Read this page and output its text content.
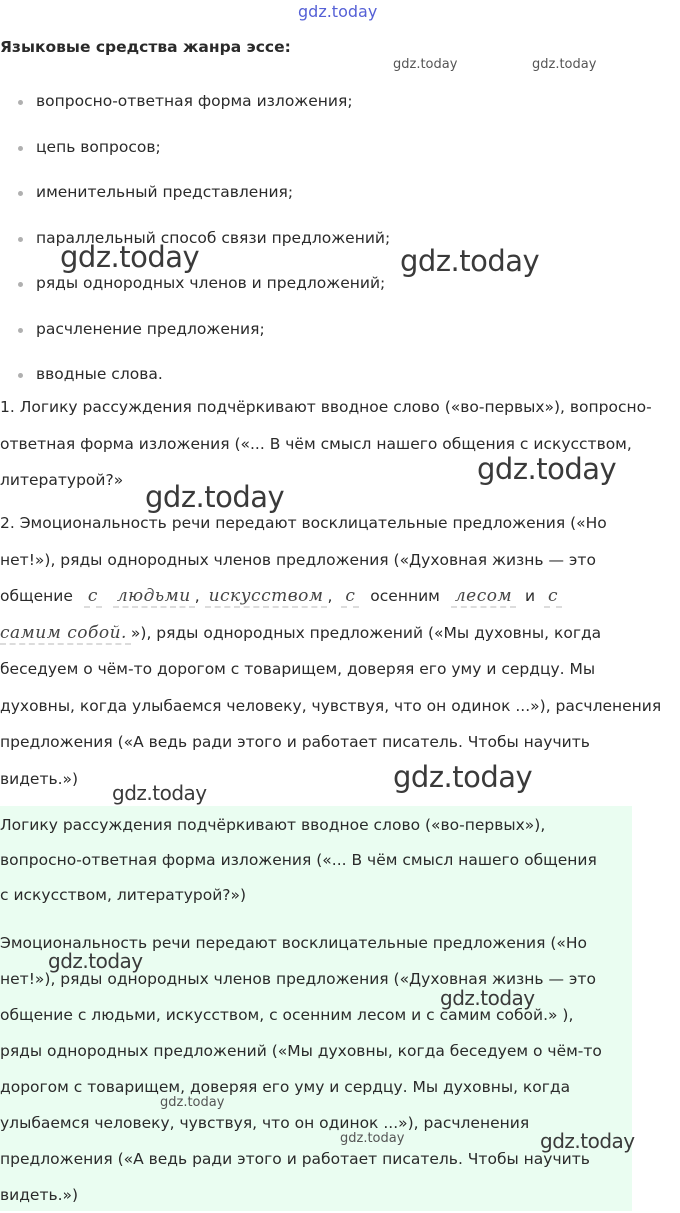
gdz.today
gdz.today	gdz.today
Языковые средства жанра эссе:
вопросно-ответная форма изложения;
цепь вопросов;
именительный представления;
параллельный способ связи предложений;
ряды однородных членов и предложений;
расчленение предложения;
вводные слова.
gdz.today	gdz.today
1. Логику рассуждения подчёркивают вводное слово («во-первых»), вопросно-
ответная форма изложения («... В чём смысл нашего общения с искусством,
литературой?»	gdz.today
gdz.today
2. Эмоциональность речи передают восклицательные предложения («Но
нет!»), ряды однородных членов предложения («Духовная жизнь — это
общение с людьми , искусством , с осенним лесом и с
самим собой. »), ряды однородных предложений («Мы духовны, когда
беседуем о чём-то дорогом с товарищем, доверяя его уму и сердцу. Мы
духовны, когда улыбаемся человеку, чувствуя, что он одинок ...»), расчленения
предложения («А ведь ради этого и работает писатель. Чтобы научить
видеть.»)	gdz.today
gdz.today
Логику рассуждения подчёркивают вводное слово («во-первых»),
вопросно-ответная форма изложения («... В чём смысл нашего общения
с искусством, литературой?»)
Эмоциональность речи передают восклицательные предложения («Но
нет!»), ряды однородных членов предложения («Духовная жизнь — это
общение с людьми, искусством, с осенним лесом и с самим собой.» ),
ряды однородных предложений («Мы духовны, когда беседуем о чём-то
дорогом с товарищем, доверяя его уму и сердцу. Мы духовны, когда
улыбаемся человеку, чувствуя, что он одинок ...»), расчленения
предложения («А ведь ради этого и работает писатель. Чтобы научить
видеть.»)
gdz.today
gdz.today
gdz.today
gdz.today	gdz.today
